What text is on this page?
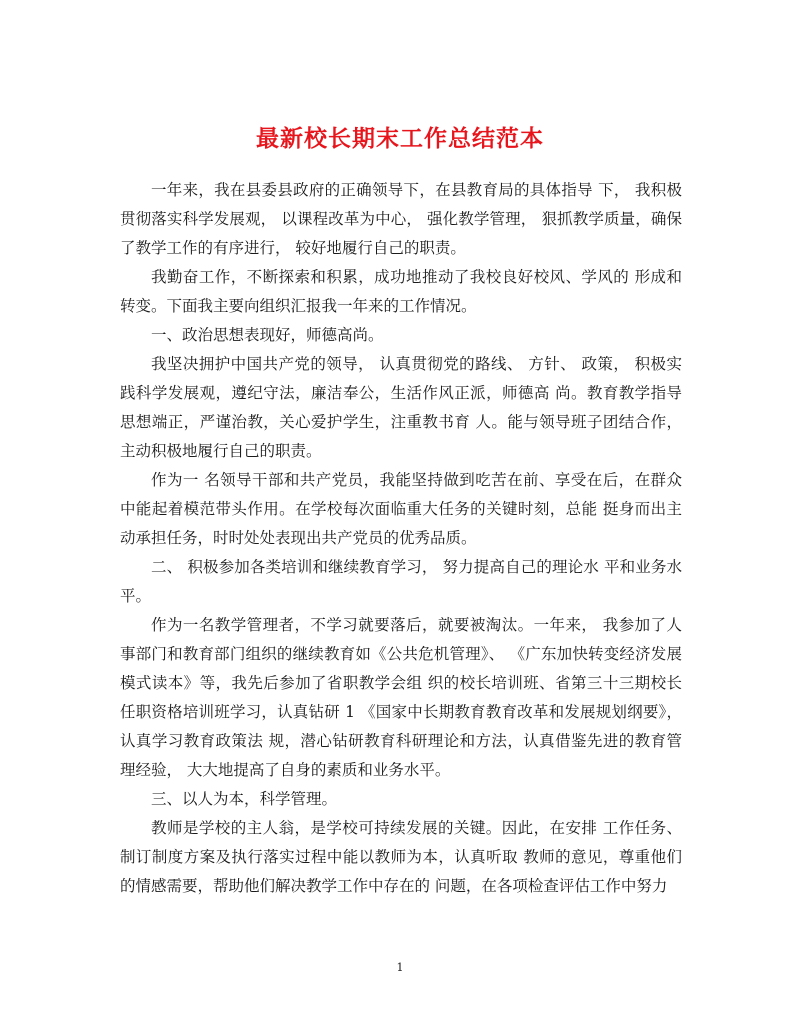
最新校长期末工作总结范本

一年来，我在县委县政府的正确领导下，在县教育局的具体指导 下， 我积极贯彻落实科学发展观， 以课程改革为中心， 强化教学管理， 狠抓教学质量，确保了教学工作的有序进行， 较好地履行自己的职责。

我勤奋工作，不断探索和积累，成功地推动了我校良好校风、学风的 形成和转变。下面我主要向组织汇报我一年来的工作情况。

一、政治思想表现好，师德高尚。

我坚决拥护中国共产党的领导， 认真贯彻党的路线、 方针、 政策， 积极实践科学发展观，遵纪守法，廉洁奉公，生活作风正派，师德高 尚。教育教学指导思想端正，严谨治教，关心爱护学生，注重教书育 人。能与领导班子团结合作，主动积极地履行自己的职责。

作为一 名领导干部和共产党员，我能坚持做到吃苦在前、享受在后，在群众中能起着模范带头作用。在学校每次面临重大任务的关键时刻，总能 挺身而出主动承担任务，时时处处表现出共产党员的优秀品质。

二、 积极参加各类培训和继续教育学习， 努力提高自己的理论水 平和业务水平。

作为一名教学管理者，不学习就要落后，就要被淘汰。一年来， 我参加了人事部门和教育部门组织的继续教育如《公共危机管理》、 《广东加快转变经济发展模式读本》等，我先后参加了省职教学会组 织的校长培训班、省第三十三期校长任职资格培训班学习，认真钻研 1 《国家中长期教育教育改革和发展规划纲要》，认真学习教育政策法 规，潜心钻研教育科研理论和方法，认真借鉴先进的教育管理经验， 大大地提高了自身的素质和业务水平。

三、以人为本，科学管理。

教师是学校的主人翁，是学校可持续发展的关键。因此，在安排 工作任务、制订制度方案及执行落实过程中能以教师为本，认真听取 教师的意见，尊重他们的情感需要，帮助他们解决教学工作中存在的 问题，在各项检查评估工作中努力

1
